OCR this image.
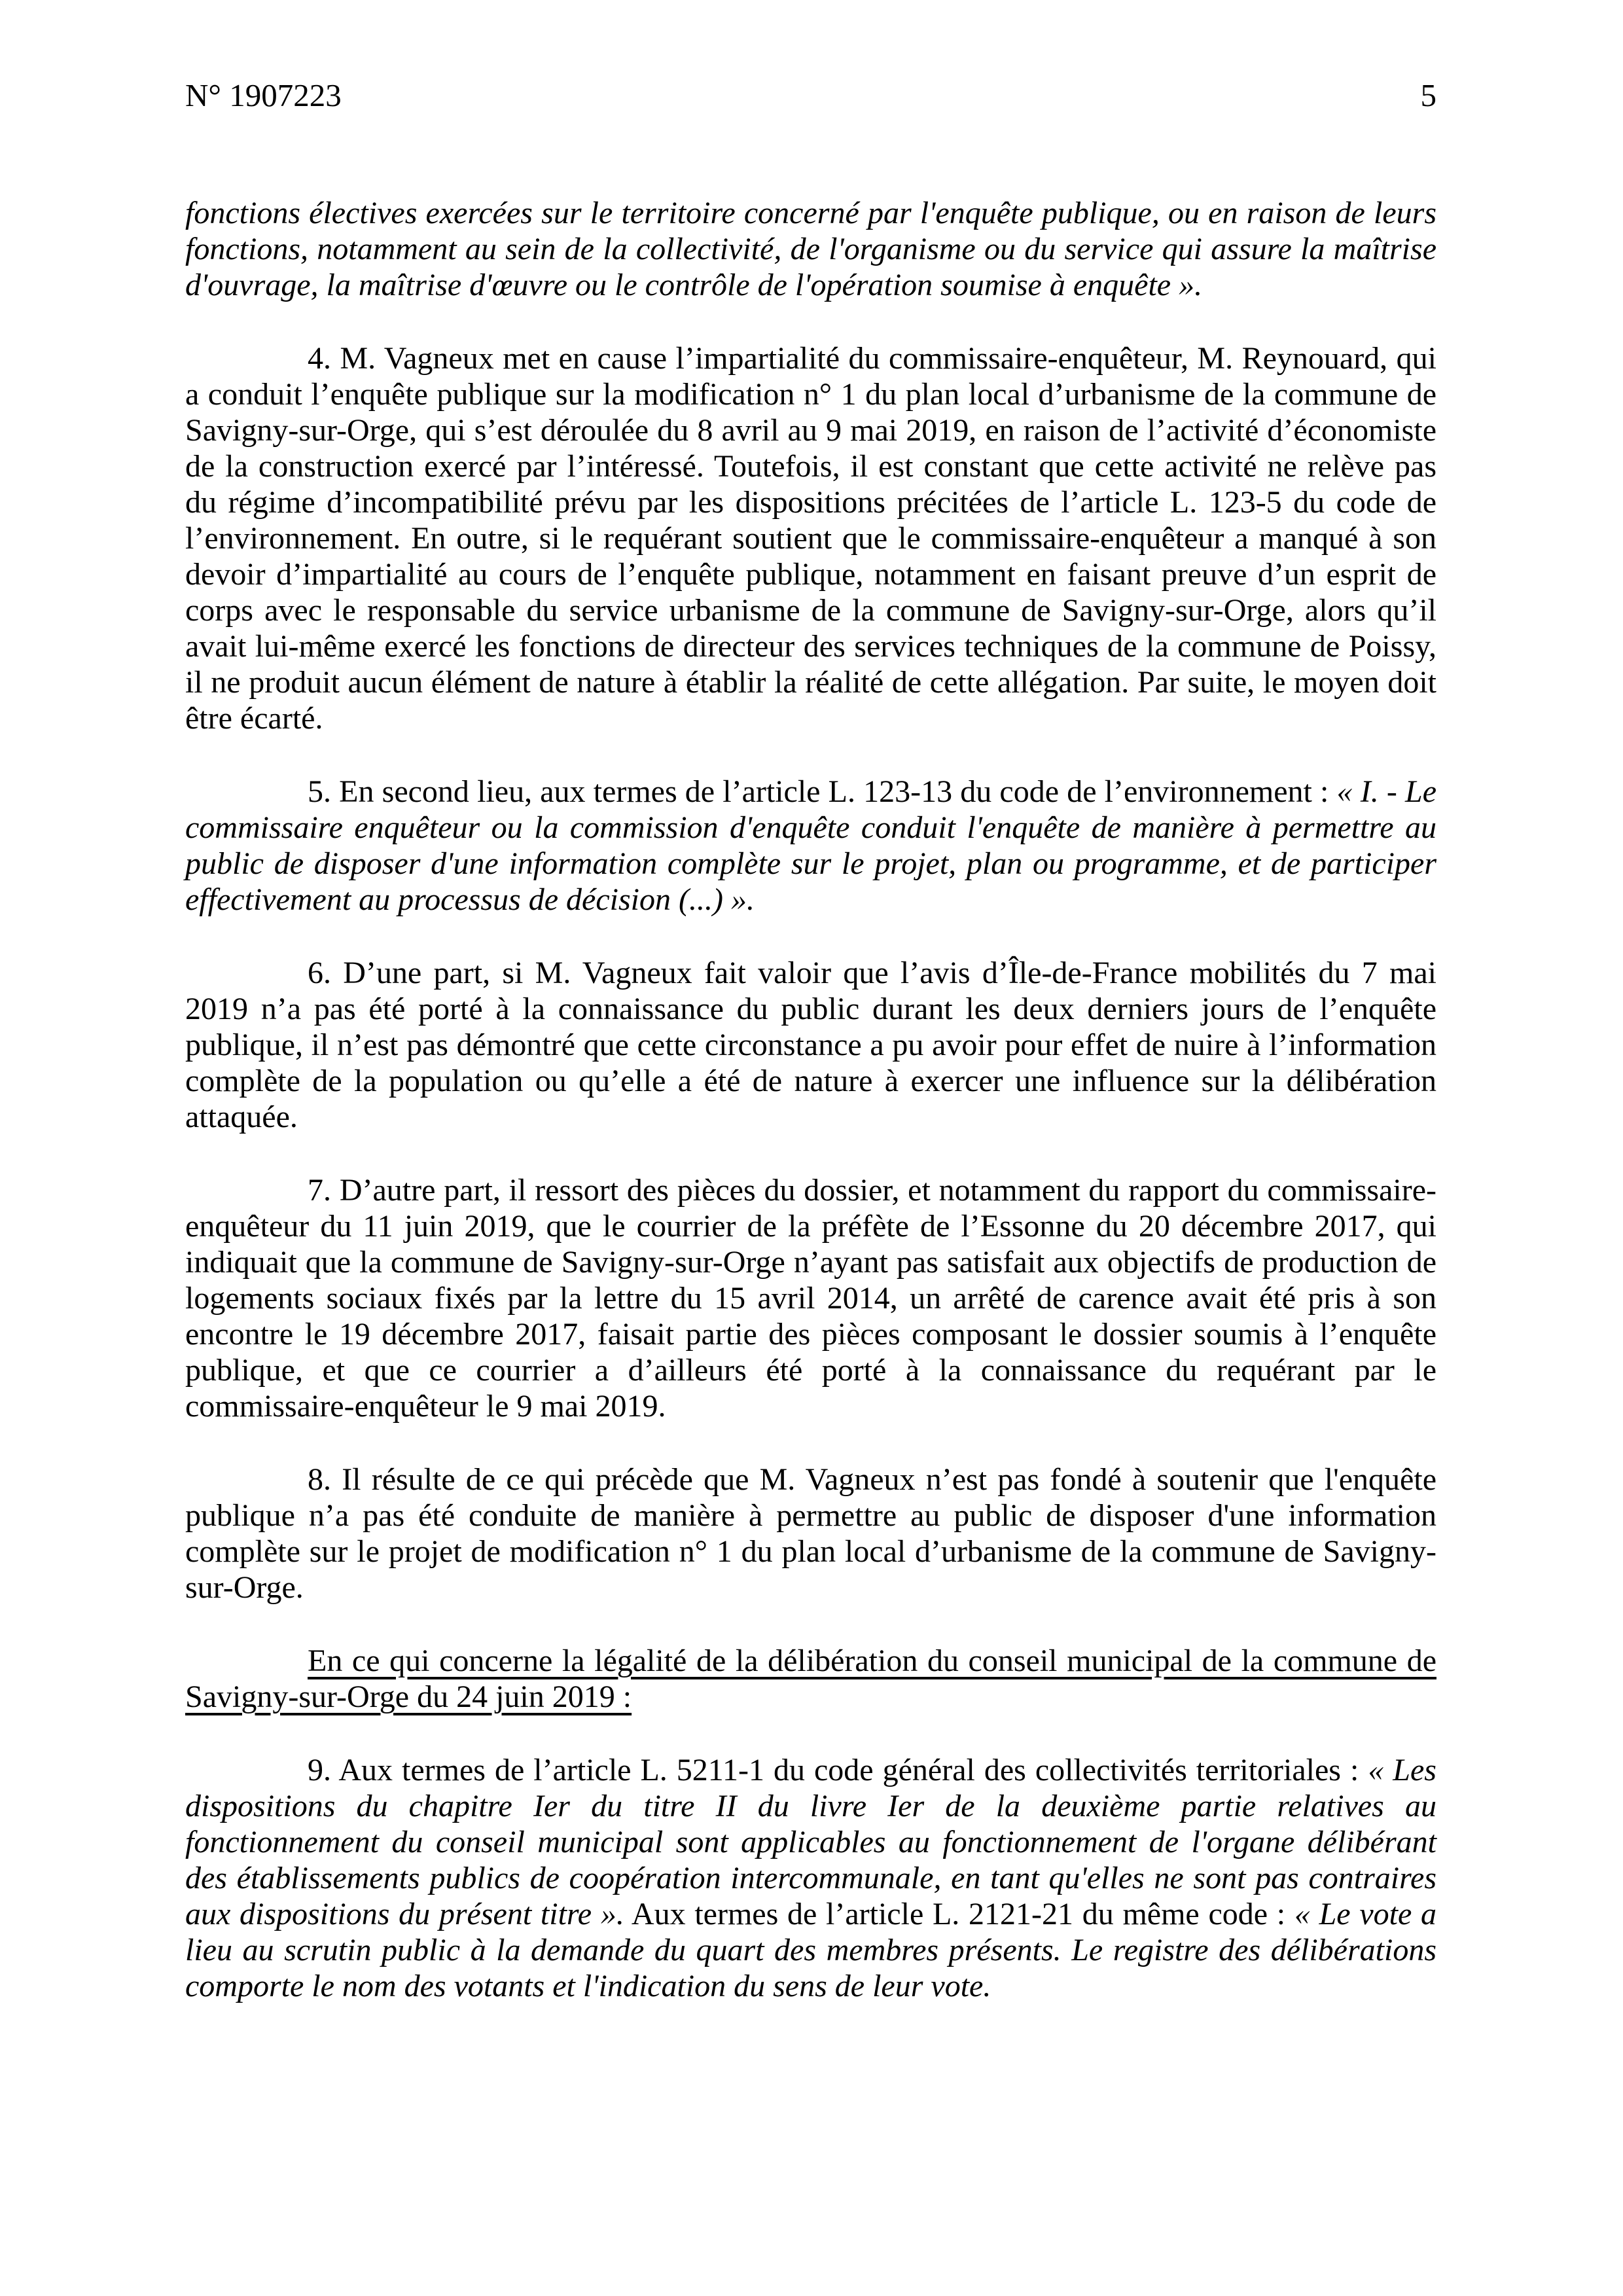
N° 1907223	5

fonctions électives exercées sur le territoire concerné par l'enquête publique, ou en raison de leurs fonctions, notamment au sein de la collectivité, de l'organisme ou du service qui assure la maîtrise d'ouvrage, la maîtrise d'œuvre ou le contrôle de l'opération soumise à enquête ».

4. M. Vagneux met en cause l’impartialité du commissaire-enquêteur, M. Reynouard, qui a conduit l’enquête publique sur la modification n° 1 du plan local d’urbanisme de la commune de Savigny-sur-Orge, qui s’est déroulée du 8 avril au 9 mai 2019, en raison de l’activité d’économiste de la construction exercé par l’intéressé. Toutefois, il est constant que cette activité ne relève pas du régime d’incompatibilité prévu par les dispositions précitées de l’article L. 123-5 du code de l’environnement. En outre, si le requérant soutient que le commissaire-enquêteur a manqué à son devoir d’impartialité au cours de l’enquête publique, notamment en faisant preuve d’un esprit de corps avec le responsable du service urbanisme de la commune de Savigny-sur-Orge, alors qu’il avait lui-même exercé les fonctions de directeur des services techniques de la commune de Poissy, il ne produit aucun élément de nature à établir la réalité de cette allégation. Par suite, le moyen doit être écarté.

5. En second lieu, aux termes de l’article L. 123-13 du code de l’environnement : « I. - Le commissaire enquêteur ou la commission d'enquête conduit l'enquête de manière à permettre au public de disposer d'une information complète sur le projet, plan ou programme, et de participer effectivement au processus de décision (...) ».

6. D’une part, si M. Vagneux fait valoir que l’avis d’Île-de-France mobilités du 7 mai 2019 n’a pas été porté à la connaissance du public durant les deux derniers jours de l’enquête publique, il n’est pas démontré que cette circonstance a pu avoir pour effet de nuire à l’information complète de la population ou qu’elle a été de nature à exercer une influence sur la délibération attaquée.

7. D’autre part, il ressort des pièces du dossier, et notamment du rapport du commissaire-enquêteur du 11 juin 2019, que le courrier de la préfète de l’Essonne du 20 décembre 2017, qui indiquait que la commune de Savigny-sur-Orge n’ayant pas satisfait aux objectifs de production de logements sociaux fixés par la lettre du 15 avril 2014, un arrêté de carence avait été pris à son encontre le 19 décembre 2017, faisait partie des pièces composant le dossier soumis à l’enquête publique, et que ce courrier a d’ailleurs été porté à la connaissance du requérant par le commissaire-enquêteur le 9 mai 2019.

8. Il résulte de ce qui précède que M. Vagneux n’est pas fondé à soutenir que l'enquête publique n’a pas été conduite de manière à permettre au public de disposer d'une information complète sur le projet de modification n° 1 du plan local d’urbanisme de la commune de Savigny-sur-Orge.

En ce qui concerne la légalité de la délibération du conseil municipal de la commune de Savigny-sur-Orge du 24 juin 2019 :

9. Aux termes de l’article L. 5211-1 du code général des collectivités territoriales : « Les dispositions du chapitre Ier du titre II du livre Ier de la deuxième partie relatives au fonctionnement du conseil municipal sont applicables au fonctionnement de l'organe délibérant des établissements publics de coopération intercommunale, en tant qu'elles ne sont pas contraires aux dispositions du présent titre ». Aux termes de l’article L. 2121-21 du même code : « Le vote a lieu au scrutin public à la demande du quart des membres présents. Le registre des délibérations comporte le nom des votants et l'indication du sens de leur vote.
